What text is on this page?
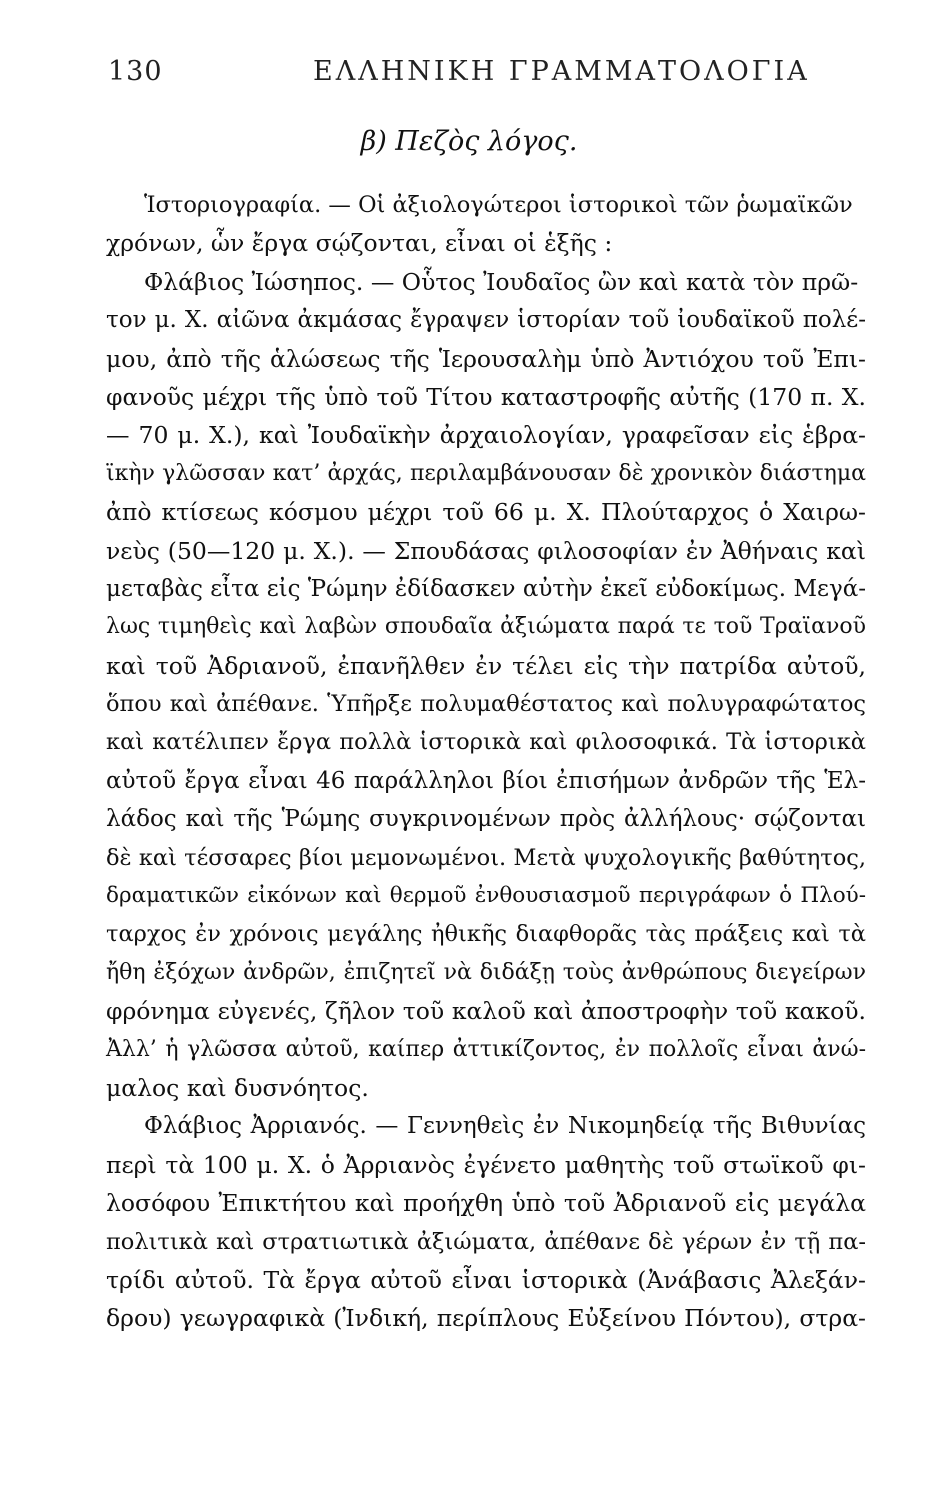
130	ΕΛΛΗΝΙΚΗ ΓΡΑΜΜΑΤΟΛΟΓΙΑ
β) Πεζὸς λόγος.
Ἱστοριογραφία. — Οἱ ἀξιολογώτεροι ἱστορικοὶ τῶν ῥωμαϊκῶν
χρόνων, ὧν ἔργα σῴζονται, εἶναι οἱ ἑξῆς :
Φλάβιος Ἰώσηπος. — Οὗτος Ἰουδαῖος ὢν καὶ κατὰ τὸν πρῶ-
τον μ. Χ. αἰῶνα ἀκμάσας ἔγραψεν ἱστορίαν τοῦ ἰουδαϊκοῦ πολέ-
μου, ἀπὸ τῆς ἁλώσεως τῆς Ἱερουσαλὴμ ὑπὸ Ἀντιόχου τοῦ Ἐπι-
φανοῦς μέχρι τῆς ὑπὸ τοῦ Τίτου καταστροφῆς αὐτῆς (170 π. Χ.
— 70 μ. Χ.), καὶ Ἰουδαϊκὴν ἀρχαιολογίαν, γραφεῖσαν εἰς ἑβρα-
ϊκὴν γλῶσσαν κατ’ ἀρχάς, περιλαμβάνουσαν δὲ χρονικὸν διάστημα
ἀπὸ κτίσεως κόσμου μέχρι τοῦ 66 μ. Χ. Πλούταρχος ὁ Χαιρω-
νεὺς (50—120 μ. Χ.). — Σπουδάσας φιλοσοφίαν ἐν Ἀθήναις καὶ
μεταβὰς εἶτα εἰς Ῥώμην ἐδίδασκεν αὐτὴν ἐκεῖ εὐδοκίμως. Μεγά-
λως τιμηθεὶς καὶ λαβὼν σπουδαῖα ἀξιώματα παρά τε τοῦ Τραϊανοῦ
καὶ τοῦ Ἀδριανοῦ, ἐπανῆλθεν ἐν τέλει εἰς τὴν πατρίδα αὐτοῦ,
ὅπου καὶ ἀπέθανε. Ὑπῆρξε πολυμαθέστατος καὶ πολυγραφώτατος
καὶ κατέλιπεν ἔργα πολλὰ ἱστορικὰ καὶ φιλοσοφικά. Τὰ ἱστορικὰ
αὐτοῦ ἔργα εἶναι 46 παράλληλοι βίοι ἐπισήμων ἀνδρῶν τῆς Ἑλ-
λάδος καὶ τῆς Ῥώμης συγκρινομένων πρὸς ἀλλήλους· σῴζονται
δὲ καὶ τέσσαρες βίοι μεμονωμένοι. Μετὰ ψυχολογικῆς βαθύτητος,
δραματικῶν εἰκόνων καὶ θερμοῦ ἐνθουσιασμοῦ περιγράφων ὁ Πλού-
ταρχος ἐν χρόνοις μεγάλης ἠθικῆς διαφθορᾶς τὰς πράξεις καὶ τὰ
ἤθη ἐξόχων ἀνδρῶν, ἐπιζητεῖ νὰ διδάξῃ τοὺς ἀνθρώπους διεγείρων
φρόνημα εὐγενές, ζῆλον τοῦ καλοῦ καὶ ἀποστροφὴν τοῦ κακοῦ.
Ἀλλ’ ἡ γλῶσσα αὐτοῦ, καίπερ ἀττικίζοντος, ἐν πολλοῖς εἶναι ἀνώ-
μαλος καὶ δυσνόητος.
Φλάβιος Ἀρριανός. — Γεννηθεὶς ἐν Νικομηδείᾳ τῆς Βιθυνίας
περὶ τὰ 100 μ. Χ. ὁ Ἀρριανὸς ἐγένετο μαθητὴς τοῦ στωϊκοῦ φι-
λοσόφου Ἐπικτήτου καὶ προήχθη ὑπὸ τοῦ Ἀδριανοῦ εἰς μεγάλα
πολιτικὰ καὶ στρατιωτικὰ ἀξιώματα, ἀπέθανε δὲ γέρων ἐν τῇ πα-
τρίδι αὐτοῦ. Τὰ ἔργα αὐτοῦ εἶναι ἱστορικὰ (Ἀνάβασις Ἀλεξάν-
δρου) γεωγραφικὰ (Ἰνδική, περίπλους Εὐξείνου Πόντου), στρα-
